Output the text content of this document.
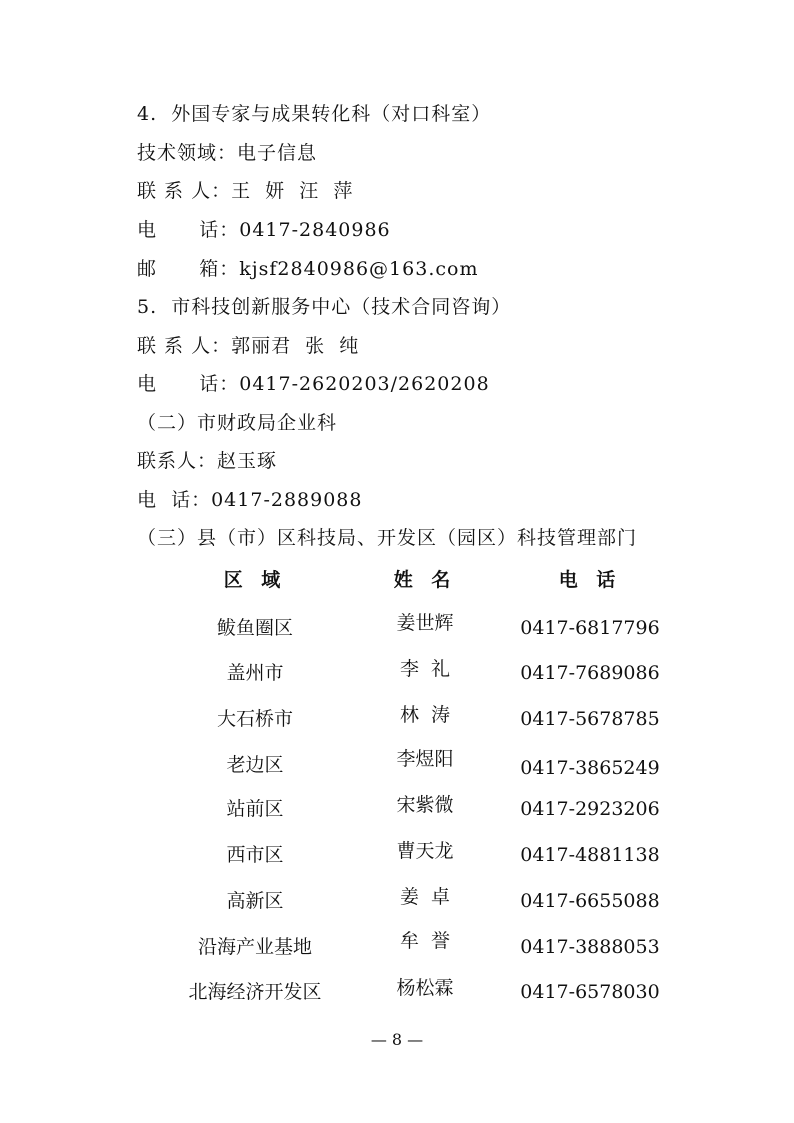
4.  外国专家与成果转化科（对口科室）
技术领域：电子信息
联 系 人：王  妍  汪  萍
电      话：0417-2840986
邮      箱：kjsf2840986@163.com
5.  市科技创新服务中心（技术合同咨询）
联 系 人：郭丽君  张  纯
电      话：0417-2620203/2620208
（二）市财政局企业科
联系人：赵玉琢
电  话：0417-2889088
（三）县（市）区科技局、开发区（园区）科技管理部门
区 域	姓 名	电 话
鲅鱼圈区	姜世辉	0417-6817796
盖州市	李  礼	0417-7689086
大石桥市	林  涛	0417-5678785
老边区	李煜阳	0417-3865249
站前区	宋紫微	0417-2923206
西市区	曹天龙	0417-4881138
高新区	姜  卓	0417-6655088
沿海产业基地	牟  誉	0417-3888053
北海经济开发区	杨松霖	0417-6578030
— 8 —
